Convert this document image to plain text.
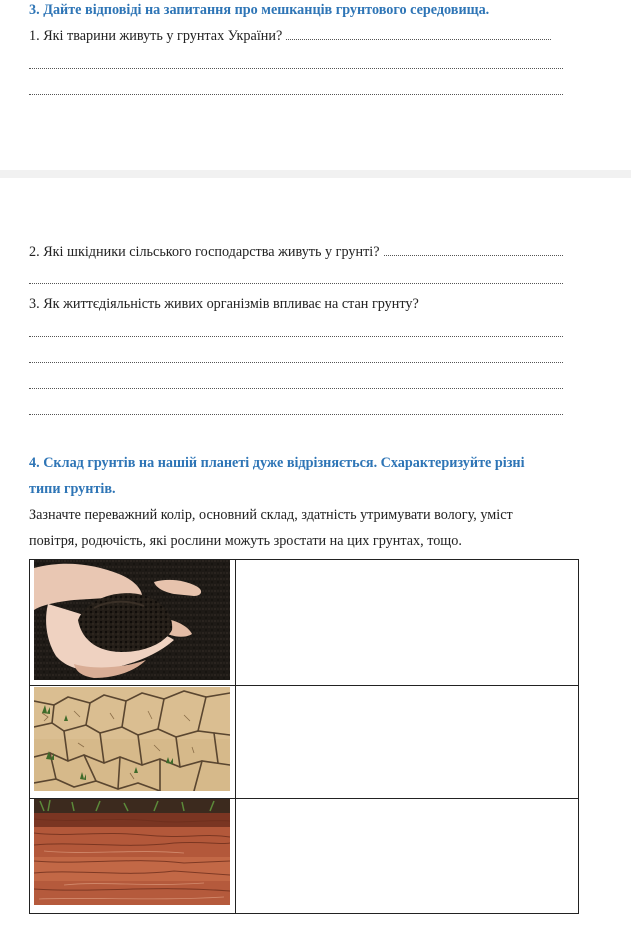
3. Дайте відповіді на запитання про мешканців грунтового середовища.
1. Які тварини живуть у грунтах України?
2. Які шкідники сільського господарства живуть у грунті?
3. Як життєдіяльність живих організмів впливає на стан грунту?
4. Склад грунтів на нашій планеті дуже відрізняється. Схарактеризуйте різні
типи грунтів.
Зазначте переважний колір, основний склад, здатність утримувати вологу, уміст
повітря, родючість, які рослини можуть зростати на цих грунтах, тощо.
